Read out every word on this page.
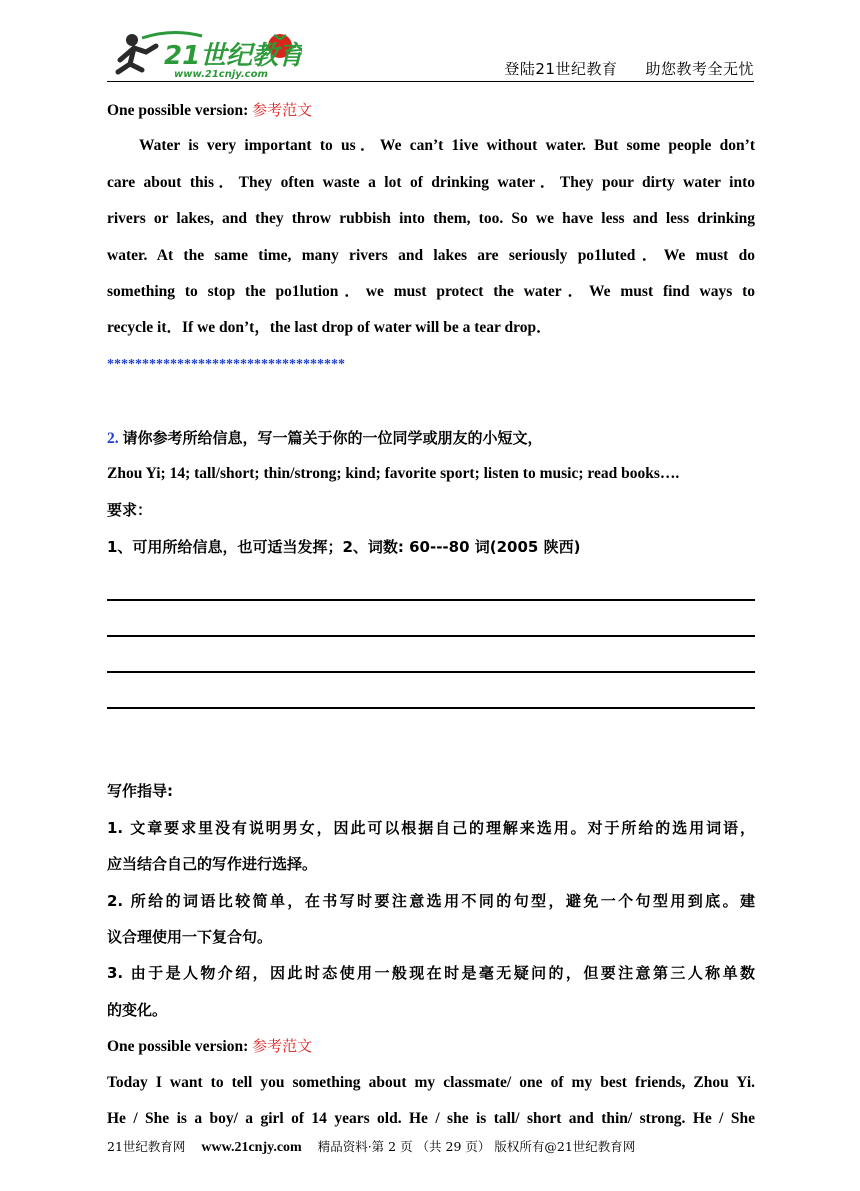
21世纪教育
www.21cnjy.com	登陆21世纪教育 助您教考全无忧
One possible version: 参考范文
Water is very important to us．We can’t 1ive without water. But some people don’t
care about this．They often waste a lot of drinking water．They pour dirty water into
rivers or lakes, and they throw rubbish into them, too. So we have less and less drinking
water. At the same time, many rivers and lakes are seriously po1luted．We must do
something to stop the po1lution．we must protect the water．We must find ways to
recycle it．If we don’t，the last drop of water will be a tear drop．
**********************************
2. 请你参考所给信息，写一篇关于你的一位同学或朋友的小短文，
Zhou Yi; 14; tall/short; thin/strong; kind; favorite sport; listen to music; read books….
要求：
1、可用所给信息，也可适当发挥；2、词数: 60---80 词(2005 陕西)
写作指导:
1. 文章要求里没有说明男女，因此可以根据自己的理解来选用。对于所给的选用词语，
应当结合自己的写作进行选择。
2. 所给的词语比较简单，在书写时要注意选用不同的句型，避免一个句型用到底。建
议合理使用一下复合句。
3. 由于是人物介绍，因此时态使用一般现在时是毫无疑问的，但要注意第三人称单数
的变化。
One possible version: 参考范文
Today I want to tell you something about my classmate/ one of my best friends, Zhou Yi.
He / She is a boy/ a girl of 14 years old. He / she is tall/ short and thin/ strong. He / She
21世纪教育网 www.21cnjy.com 精品资料·第 2 页 （共 29 页） 版权所有@21世纪教育网
